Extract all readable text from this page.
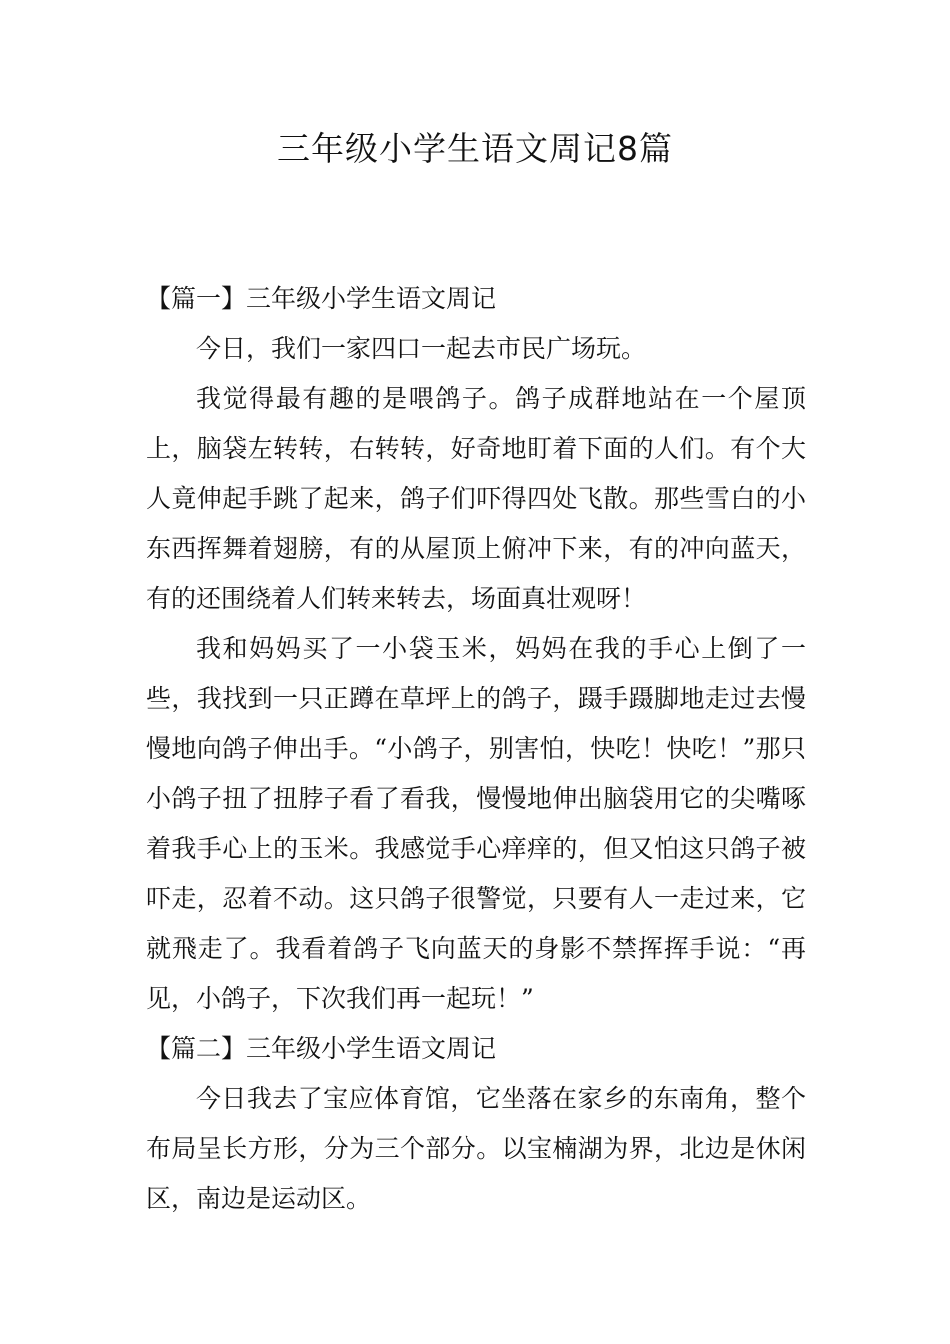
三年级小学生语文周记8篇

【篇一】三年级小学生语文周记

今日，我们一家四口一起去市民广场玩。

我觉得最有趣的是喂鸽子。鸽子成群地站在一个屋顶上，脑袋左转转，右转转，好奇地盯着下面的人们。有个大人竟伸起手跳了起来，鸽子们吓得四处飞散。那些雪白的小东西挥舞着翅膀，有的从屋顶上俯冲下来，有的冲向蓝天，有的还围绕着人们转来转去，场面真壮观呀！

我和妈妈买了一小袋玉米，妈妈在我的手心上倒了一些，我找到一只正蹲在草坪上的鸽子，蹑手蹑脚地走过去慢慢地向鸽子伸出手。“小鸽子，别害怕，快吃！快吃！”那只小鸽子扭了扭脖子看了看我，慢慢地伸出脑袋用它的尖嘴啄着我手心上的玉米。我感觉手心痒痒的，但又怕这只鸽子被吓走，忍着不动。这只鸽子很警觉，只要有人一走过来，它就飛走了。我看着鸽子飞向蓝天的身影不禁挥挥手说：“再见，小鸽子，下次我们再一起玩！”

【篇二】三年级小学生语文周记

今日我去了宝应体育馆，它坐落在家乡的东南角，整个布局呈长方形，分为三个部分。以宝楠湖为界，北边是休闲区，南边是运动区。
